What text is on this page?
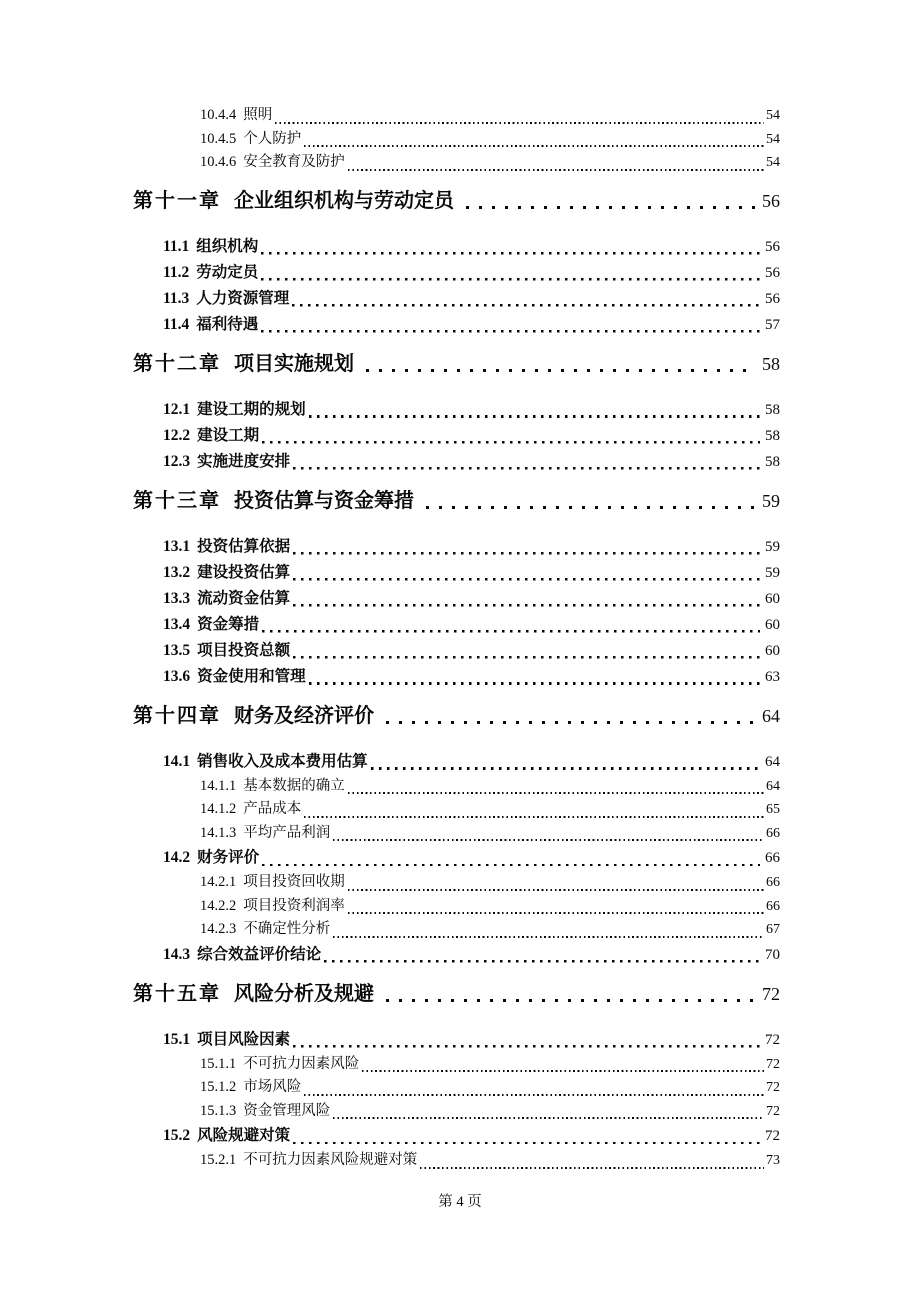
10.4.4 照明	54
10.4.5 个人防护	54
10.4.6 安全教育及防护	54
第十一章 企业组织机构与劳动定员	56
11.1 组织机构	56
11.2 劳动定员	56
11.3 人力资源管理	56
11.4 福利待遇	57
第十二章 项目实施规划	58
12.1 建设工期的规划	58
12.2 建设工期	58
12.3 实施进度安排	58
第十三章 投资估算与资金筹措	59
13.1 投资估算依据	59
13.2 建设投资估算	59
13.3 流动资金估算	60
13.4 资金筹措	60
13.5 项目投资总额	60
13.6 资金使用和管理	63
第十四章 财务及经济评价	64
14.1 销售收入及成本费用估算	64
14.1.1 基本数据的确立	64
14.1.2 产品成本	65
14.1.3 平均产品利润	66
14.2 财务评价	66
14.2.1 项目投资回收期	66
14.2.2 项目投资利润率	66
14.2.3 不确定性分析	67
14.3 综合效益评价结论	70
第十五章 风险分析及规避	72
15.1 项目风险因素	72
15.1.1 不可抗力因素风险	72
15.1.2 市场风险	72
15.1.3 资金管理风险	72
15.2 风险规避对策	72
15.2.1 不可抗力因素风险规避对策	73
第 4 页
